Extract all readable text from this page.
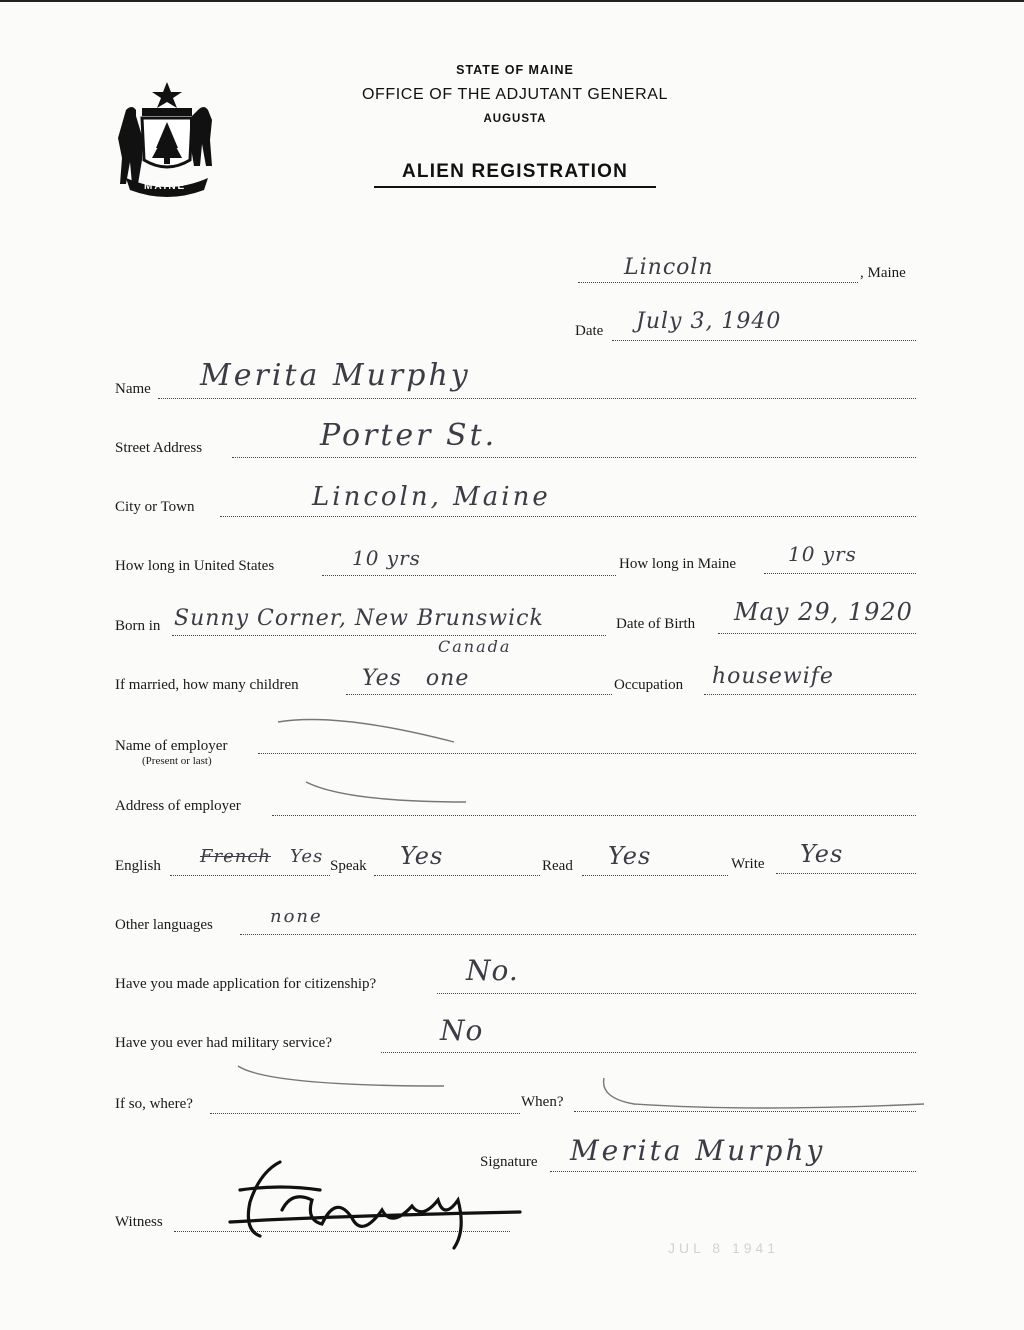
MAINE
STATE OF MAINE
OFFICE OF THE ADJUTANT GENERAL
AUGUSTA
ALIEN REGISTRATION
Lincoln	, Maine
Date July 3, 1940
Name Merita Murphy
Street Address	Porter St.
City or Town	Lincoln, Maine
How long in United States	10 yrs	How long in Maine	10 yrs
Born in Sunny Corner, New Brunswick
Canada
Date of Birth May 29, 1920
If married, how many children	Yes   one	Occupation housewife
Name of employer
(Present or last)
Address of employer
English French Yes Speak Yes	Read Yes	Write Yes
Other languages	none
Have you made application for citizenship?	No.
Have you ever had military service?	No
If so, where?	When?
Signature Merita Murphy
Witness
JUL 8 1941
